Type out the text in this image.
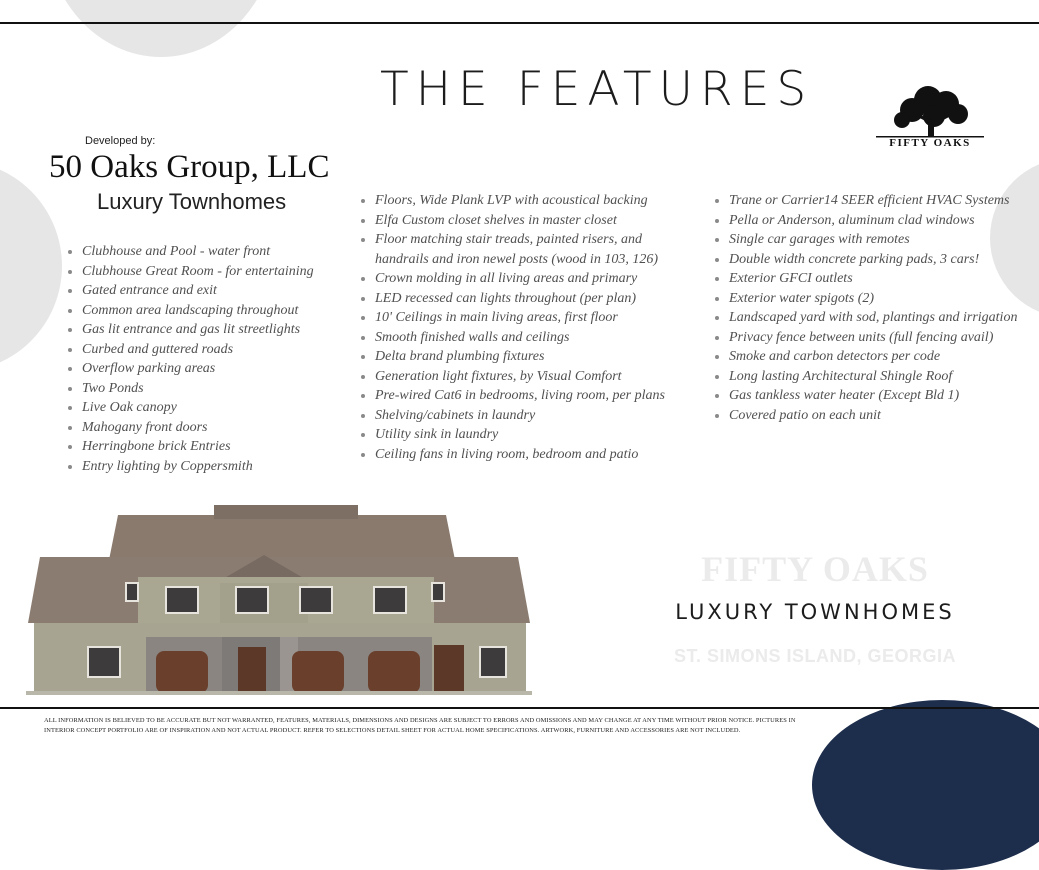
THE FEATURES
FIFTY OAKS
Developed by:
50 Oaks Group, LLC
Luxury Townhomes
Clubhouse and Pool - water front
Clubhouse Great Room - for entertaining
Gated entrance and exit
Common area landscaping throughout
Gas lit entrance and gas lit streetlights
Curbed and guttered roads
Overflow parking areas
Two Ponds
Live Oak canopy
Mahogany front doors
Herringbone brick Entries
Entry lighting by Coppersmith
Floors, Wide Plank LVP with acoustical backing
Elfa Custom closet shelves in master closet
Floor matching stair treads, painted risers, and handrails and iron newel posts (wood in 103, 126)
Crown molding in all living areas and primary
LED recessed can lights throughout (per plan)
10' Ceilings in main living areas, first floor
Smooth finished walls and ceilings
Delta brand plumbing fixtures
Generation light fixtures, by Visual Comfort
Pre-wired Cat6 in bedrooms, living room, per plans
Shelving/cabinets in laundry
Utility sink in laundry
Ceiling fans in living room, bedroom and patio
Trane or Carrier14 SEER efficient HVAC Systems
Pella or Anderson, aluminum clad windows
Single car garages with remotes
Double width concrete parking pads, 3 cars!
Exterior GFCI outlets
Exterior water spigots (2)
Landscaped yard with sod, plantings and irrigation
Privacy fence between units (full fencing avail)
Smoke and carbon detectors per code
Long lasting Architectural Shingle Roof
Gas tankless water heater (Except Bld 1)
Covered patio on each unit
FIFTY OAKS
LUXURY TOWNHOMES
ST. SIMONS ISLAND, GEORGIA

ALL INFORMATION IS BELIEVED TO BE ACCURATE BUT NOT WARRANTED, FEATURES, MATERIALS, DIMENSIONS AND DESIGNS ARE SUBJECT TO ERRORS AND OMISSIONS AND MAY CHANGE AT ANY TIME WITHOUT PRIOR NOTICE. PICTURES IN INTERIOR CONCEPT PORTFOLIO ARE OF INSPIRATION AND NOT ACTUAL PRODUCT. REFER TO SELECTIONS DETAIL SHEET FOR ACTUAL HOME SPECIFICATIONS. ARTWORK, FURNITURE AND ACCESSORIES ARE NOT INCLUDED.
